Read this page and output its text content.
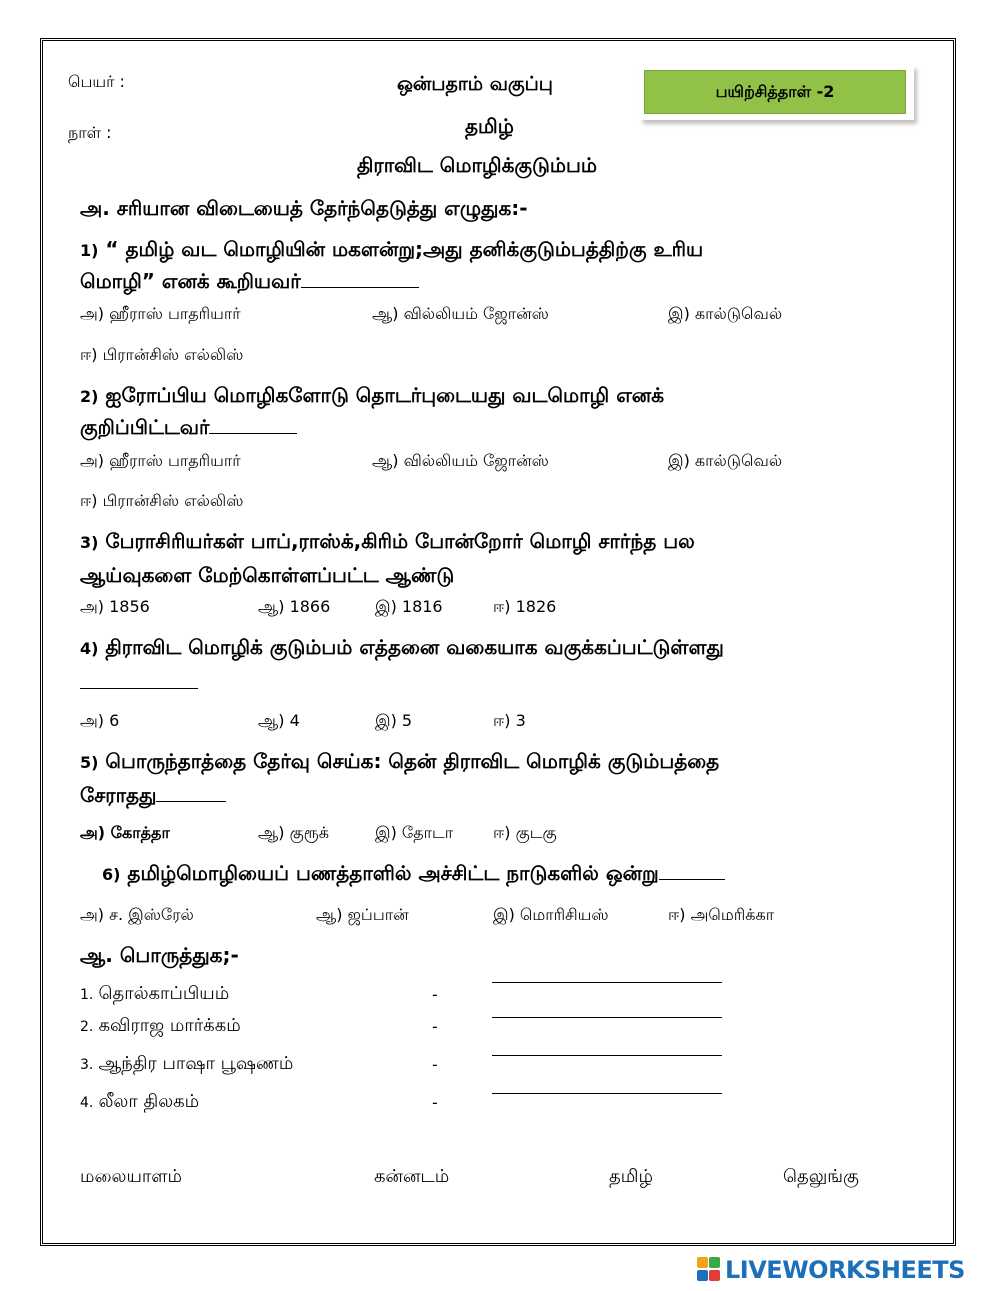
பெயர் :
நாள் :
ஒன்பதாம் வகுப்பு
தமிழ்
திராவிட மொழிக்குடும்பம்
பயிற்சித்தாள் -2
அ. சரியான விடையைத் தேர்ந்தெடுத்து எழுதுக:-
1) “ தமிழ் வட மொழியின் மகளன்று;அது தனிக்குடும்பத்திற்கு உரிய
மொழி” எனக் கூறியவர்
அ) ஹீராஸ் பாதரியார்	ஆ) வில்லியம் ஜோன்ஸ்	இ) கால்டுவெல்
ஈ) பிரான்சிஸ் எல்லிஸ்
2) ஐரோப்பிய மொழிகளோடு தொடர்புடையது வடமொழி எனக்
குறிப்பிட்டவர்
அ) ஹீராஸ் பாதரியார்	ஆ) வில்லியம் ஜோன்ஸ்	இ) கால்டுவெல்
ஈ) பிரான்சிஸ் எல்லிஸ்
3) பேராசிரியர்கள் பாப்,ராஸ்க்,கிரிம் போன்றோர் மொழி சார்ந்த பல
ஆய்வுகளை மேற்கொள்ளப்பட்ட ஆண்டு
அ) 1856	ஆ) 1866	இ) 1816	ஈ) 1826
4) திராவிட மொழிக் குடும்பம் எத்தனை வகையாக வகுக்கப்பட்டுள்ளது
அ) 6	ஆ) 4	இ) 5	ஈ) 3
5) பொருந்தாத்தை தேர்வு செய்க: தென் திராவிட மொழிக் குடும்பத்தை
சேராதது
அ) கோத்தா	ஆ) குரூக்	இ) தோடா ஈ) குடகு
6) தமிழ்மொழியைப் பணத்தாளில் அச்சிட்ட நாடுகளில் ஒன்று
அ) ச. இஸ்ரேல்	ஆ) ஜப்பான்	இ) மொரிசியஸ்	ஈ) அமெரிக்கா
ஆ. பொருத்துக;-
1. தொல்காப்பியம்	-
2. கவிராஜ மார்க்கம்	-
3. ஆந்திர பாஷா பூஷணம்	-
4. லீலா திலகம்	-
மலையாளம்	கன்னடம்	தமிழ்	தெலுங்கு
LIVEWORKSHEETS
